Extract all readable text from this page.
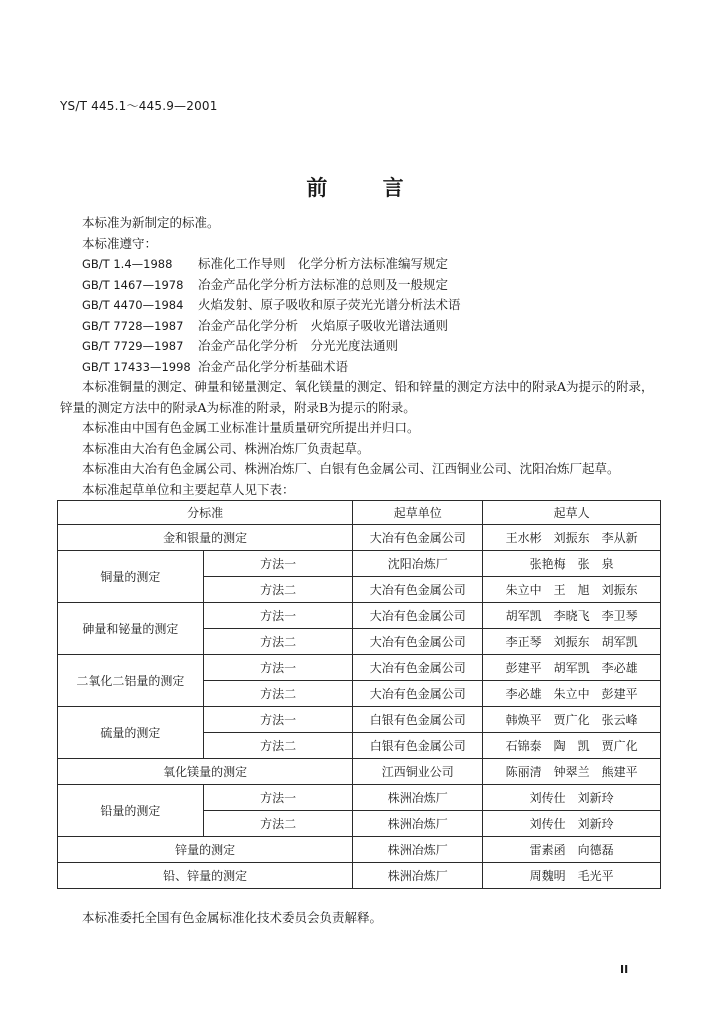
YS/T 445.1～445.9—2001
前 言
本标准为新制定的标准。
本标准遵守：
GB/T 1.4—1988	标准化工作导则　化学分析方法标准编写规定
GB/T 1467—1978	冶金产品化学分析方法标准的总则及一般规定
GB/T 4470—1984	火焰发射、原子吸收和原子荧光光谱分析法术语
GB/T 7728—1987	冶金产品化学分析　火焰原子吸收光谱法通则
GB/T 7729—1987	冶金产品化学分析　分光光度法通则
GB/T 17433—1998 冶金产品化学分析基础术语
本标准铜量的测定、砷量和铋量测定、氧化镁量的测定、铅和锌量的测定方法中的附录A为提示的附录，锌量的测定方法中的附录A为标准的附录，附录B为提示的附录。
本标准由中国有色金属工业标准计量质量研究所提出并归口。
本标准由大冶有色金属公司、株洲冶炼厂负责起草。
本标准由大冶有色金属公司、株洲冶炼厂、白银有色金属公司、江西铜业公司、沈阳冶炼厂起草。
本标准起草单位和主要起草人见下表：
分标准		起草单位	起草人
金和银量的测定		大冶有色金属公司	王水彬　刘振东　李从新
铜量的测定	方法一	沈阳冶炼厂	张艳梅　张　泉
	方法二	大冶有色金属公司	朱立中　王　旭　刘振东
砷量和铋量的测定	方法一	大冶有色金属公司	胡军凯　李晓飞　李卫琴
	方法二	大冶有色金属公司	李正琴　刘振东　胡军凯
二氧化二铝量的测定	方法一	大冶有色金属公司	彭建平　胡军凯　李必雄
	方法二	大冶有色金属公司	李必雄　朱立中　彭建平
硫量的测定	方法一	白银有色金属公司	韩焕平　贾广化　张云峰
	方法二	白银有色金属公司	石锦泰　陶　凯　贾广化
氧化镁量的测定		江西铜业公司	陈丽清　钟翠兰　熊建平
铅量的测定	方法一	株洲冶炼厂	刘传仕　刘新玲
	方法二	株洲冶炼厂	刘传仕　刘新玲
锌量的测定		株洲冶炼厂	雷素函　向德磊
铅、锌量的测定		株洲冶炼厂	周魏明　毛光平
本标准委托全国有色金属标准化技术委员会负责解释。
II
